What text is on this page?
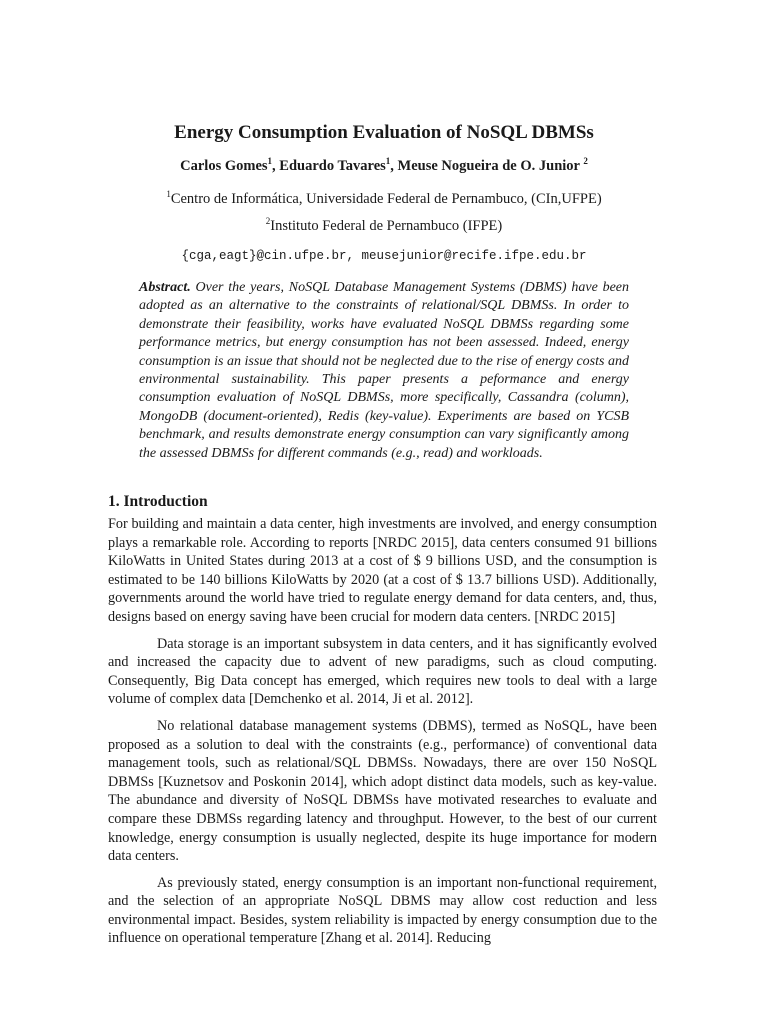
Energy Consumption Evaluation of NoSQL DBMSs
Carlos Gomes$^1$, Eduardo Tavares$^1$, Meuse Nogueira de O. Junior $^2$
$^1$Centro de Informática, Universidade Federal de Pernambuco, (CIn,UFPE)
$^2$Instituto Federal de Pernambuco (IFPE)
{cga,eagt}@cin.ufpe.br, meusejunior@recife.ifpe.edu.br

Abstract. Over the years, NoSQL Database Management Systems (DBMS) have been adopted as an alternative to the constraints of relational/SQL DBMSs. In order to demonstrate their feasibility, works have evaluated NoSQL DBMSs regarding some performance metrics, but energy consumption has not been assessed. Indeed, energy consumption is an issue that should not be neglected due to the rise of energy costs and environmental sustainability. This paper presents a peformance and energy consumption evaluation of NoSQL DBMSs, more specifically, Cassandra (column), MongoDB (document-oriented), Redis (key-value). Experiments are based on YCSB benchmark, and results demonstrate energy consumption can vary significantly among the assessed DBMSs for different commands (e.g., read) and workloads.

1. Introduction

For building and maintain a data center, high investments are involved, and energy consumption plays a remarkable role. According to reports [NRDC 2015], data centers consumed 91 billions KiloWatts in United States during 2013 at a cost of $ 9 billions USD, and the consumption is estimated to be 140 billions KiloWatts by 2020 (at a cost of $ 13.7 billions USD). Additionally, governments around the world have tried to regulate energy demand for data centers, and, thus, designs based on energy saving have been crucial for modern data centers. [NRDC 2015]

Data storage is an important subsystem in data centers, and it has significantly evolved and increased the capacity due to advent of new paradigms, such as cloud computing. Consequently, Big Data concept has emerged, which requires new tools to deal with a large volume of complex data [Demchenko et al. 2014, Ji et al. 2012].

No relational database management systems (DBMS), termed as NoSQL, have been proposed as a solution to deal with the constraints (e.g., performance) of conventional data management tools, such as relational/SQL DBMSs. Nowadays, there are over 150 NoSQL DBMSs [Kuznetsov and Poskonin 2014], which adopt distinct data models, such as key-value. The abundance and diversity of NoSQL DBMSs have motivated researches to evaluate and compare these DBMSs regarding latency and throughput. However, to the best of our current knowledge, energy consumption is usually neglected, despite its huge importance for modern data centers.

As previously stated, energy consumption is an important non-functional requirement, and the selection of an appropriate NoSQL DBMS may allow cost reduction and less environmental impact. Besides, system reliability is impacted by energy consumption due to the influence on operational temperature [Zhang et al. 2014]. Reducing
